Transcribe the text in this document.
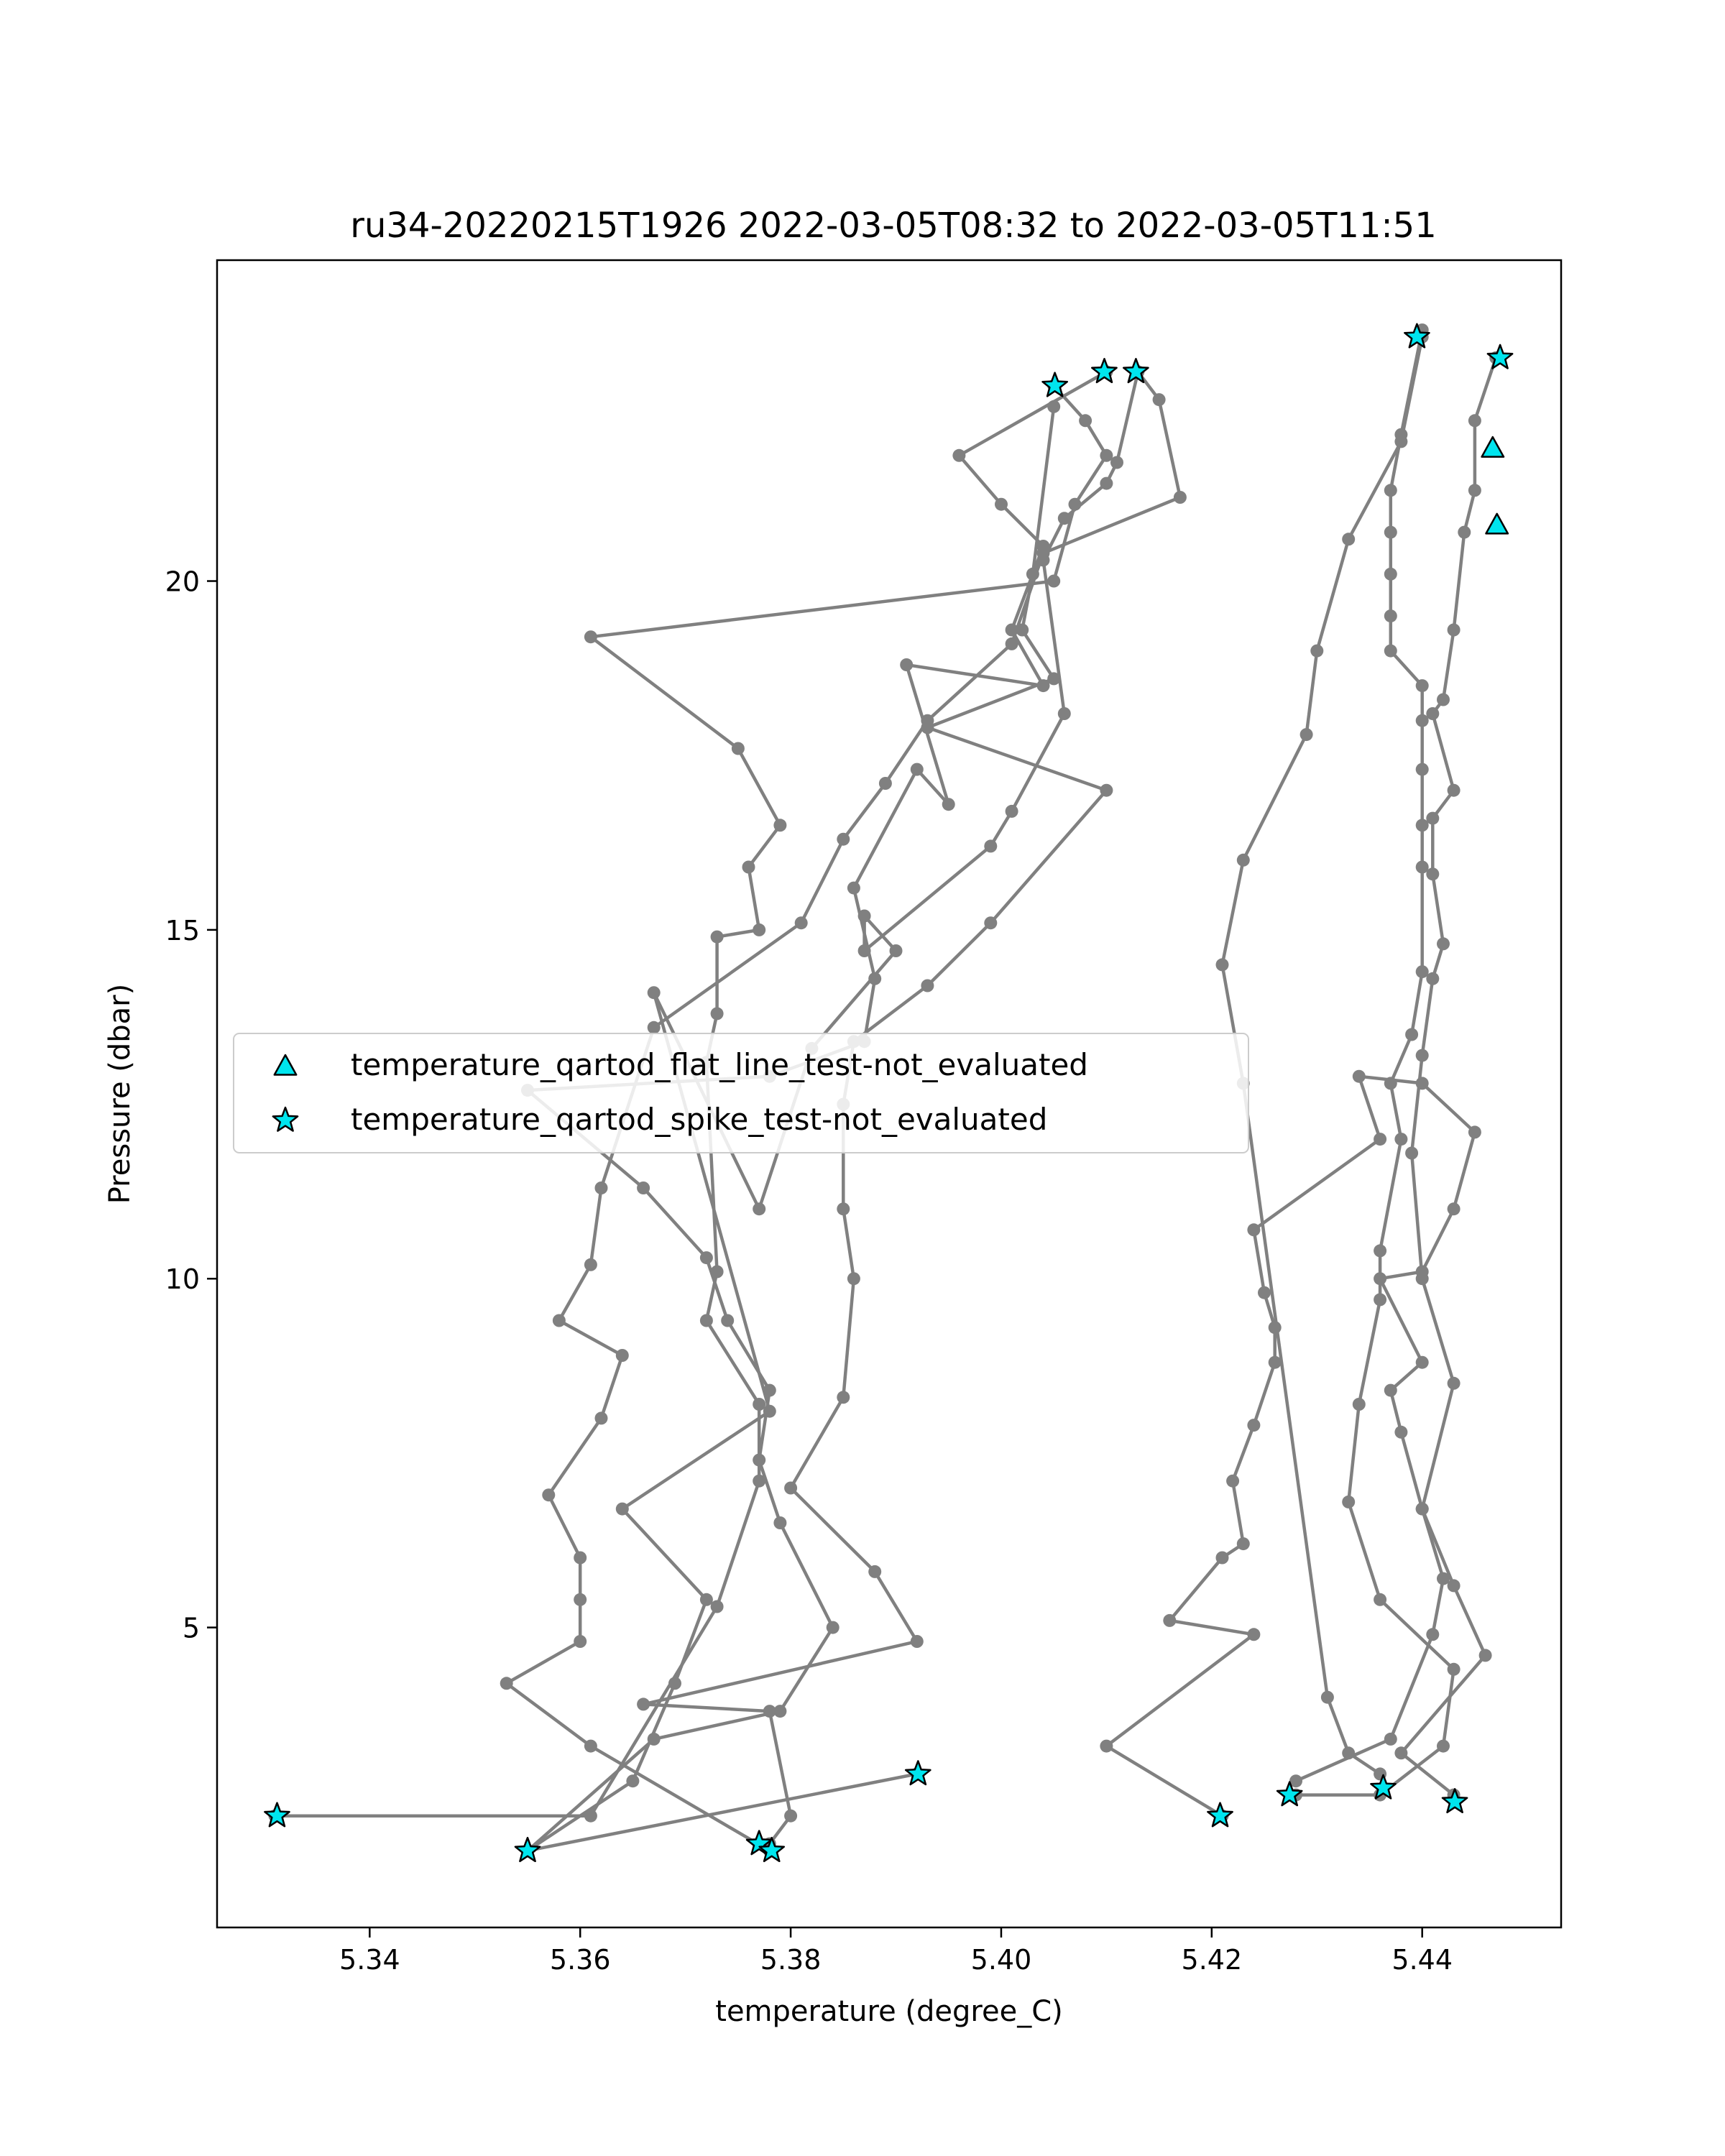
ru34-20220215T1926 2022-03-05T08:32 to 2022-03-05T11:51
5.34	5.36	5.38	5.40	5.42	5.44
5
10
15
20
temperature (degree_C)
Pressure (dbar)	temperature_qartod_flat_line_test-not_evaluated
temperature_qartod_spike_test-not_evaluated
